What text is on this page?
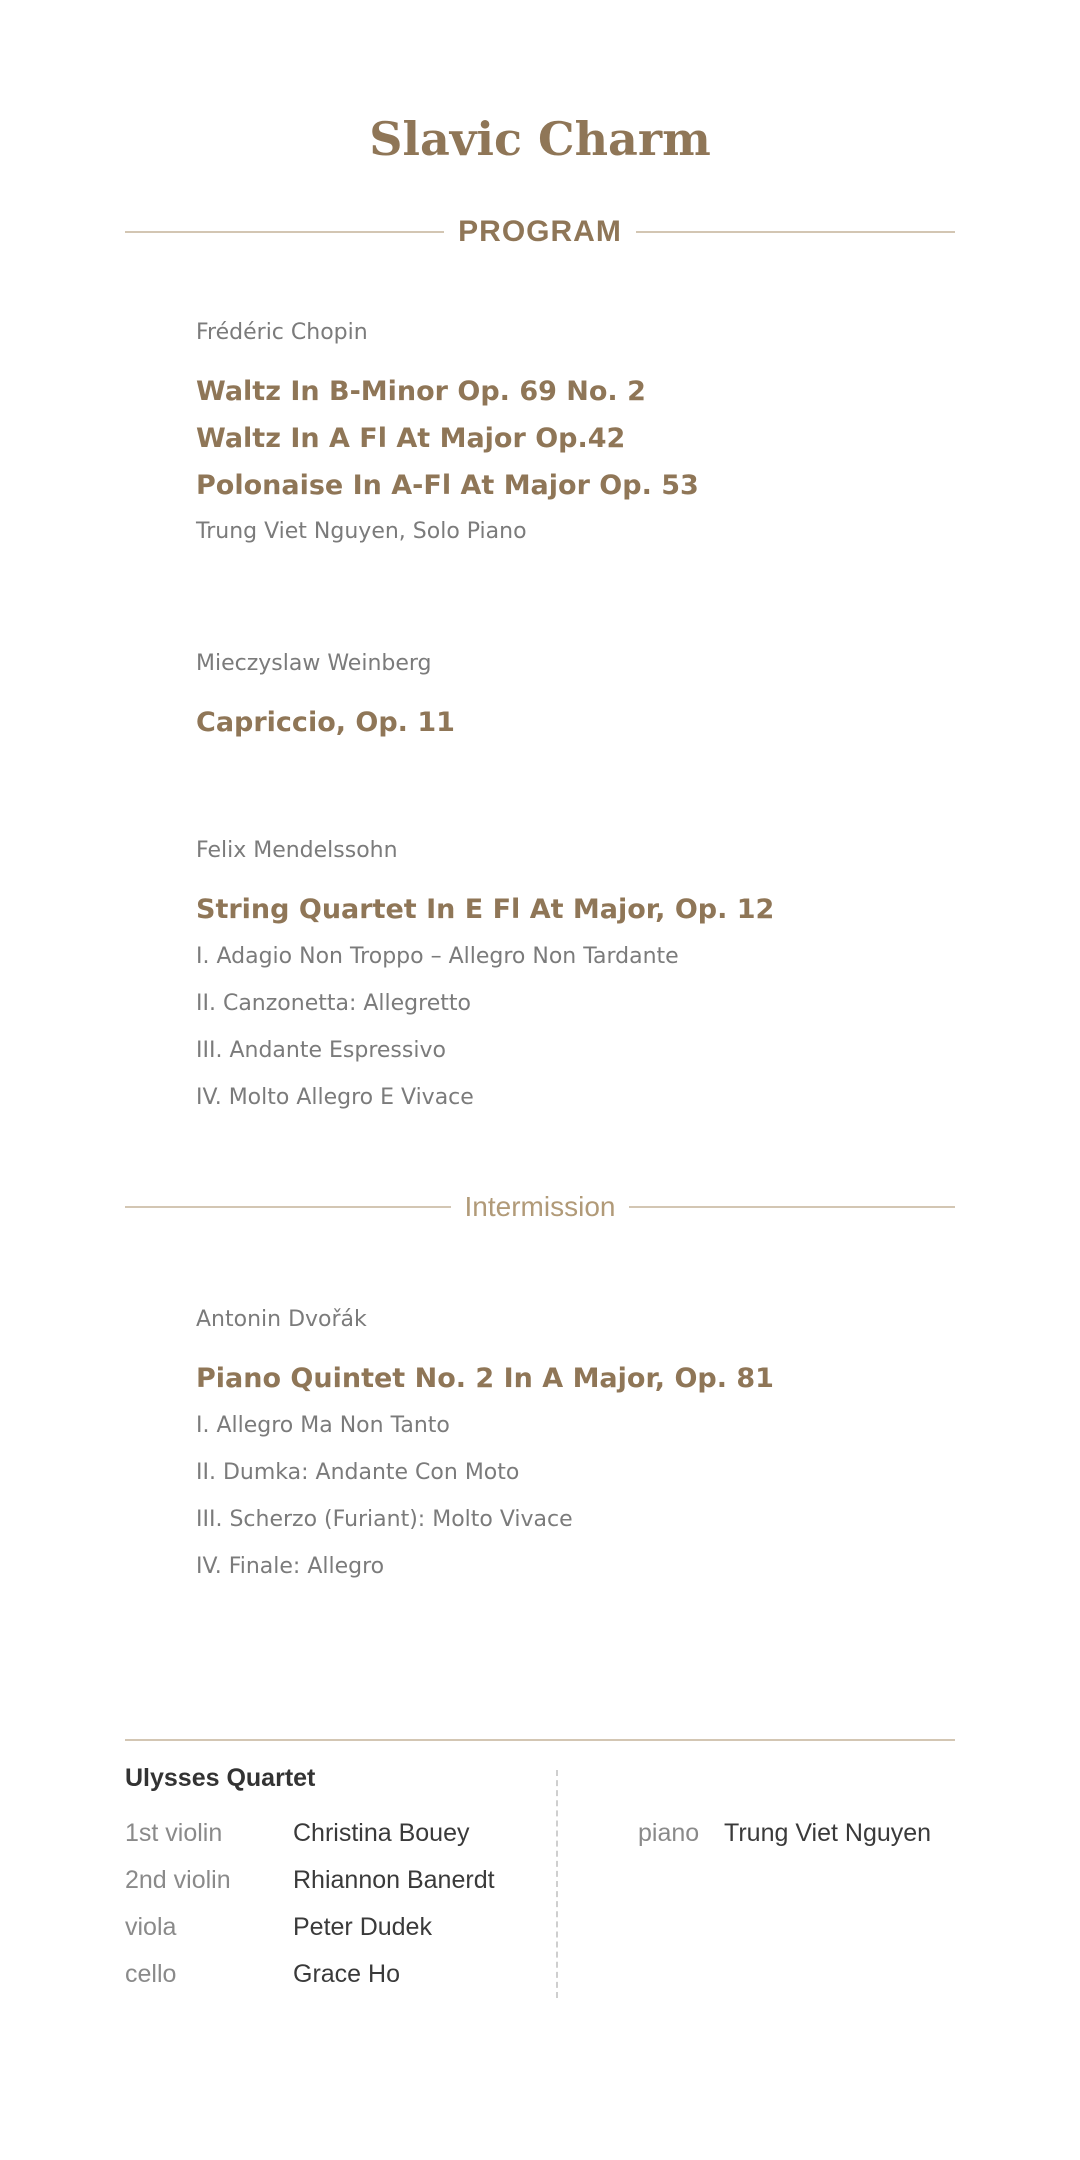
Slavic Charm
PROGRAM

Frédéric Chopin

Waltz In B-Minor Op. 69 No. 2

Waltz In A Fl At Major Op.42

Polonaise In A-Fl At Major Op. 53

Trung Viet Nguyen, Solo Piano

Mieczyslaw Weinberg

Capriccio, Op. 11

Felix Mendelssohn

String Quartet In E Fl At Major, Op. 12

I. Adagio Non Troppo – Allegro Non Tardante

II. Canzonetta: Allegretto

III. Andante Espressivo

IV. Molto Allegro E Vivace

Intermission

Antonin Dvořák

Piano Quintet No. 2 In A Major, Op. 81

I. Allegro Ma Non Tanto

II. Dumka: Andante Con Moto

III. Scherzo (Furiant): Molto Vivace

IV. Finale: Allegro

Ulysses Quartet

1st violin	Christina Bouey
2nd violin	Rhiannon Banerdt
viola	Peter Dudek
cello	Grace Ho
piano Trung Viet Nguyen
